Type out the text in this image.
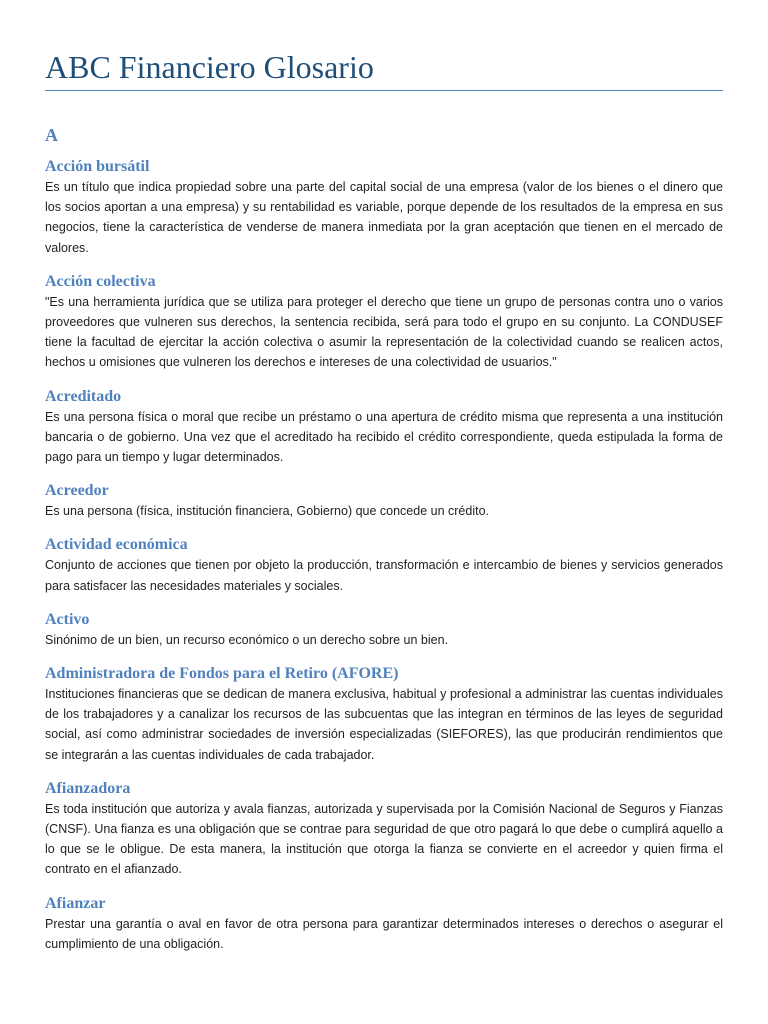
ABC Financiero Glosario
A
Acción bursátil

Es un título que indica propiedad sobre una parte del capital social de una empresa (valor de los bienes o el dinero que los socios aportan a una empresa) y su rentabilidad es variable, porque depende de los resultados de la empresa en sus negocios, tiene la característica de venderse de manera inmediata por la gran aceptación que tienen en el mercado de valores.

Acción colectiva

"Es una herramienta jurídica que se utiliza para proteger el derecho que tiene un grupo de personas contra uno o varios proveedores que vulneren sus derechos, la sentencia recibida, será para todo el grupo en su conjunto. La CONDUSEF tiene la facultad de ejercitar la acción colectiva o asumir la representación de la colectividad cuando se realicen actos, hechos u omisiones que vulneren los derechos e intereses de una colectividad de usuarios."

Acreditado

Es una persona física o moral que recibe un préstamo o una apertura de crédito misma que representa a una institución bancaria o de gobierno. Una vez que el acreditado ha recibido el crédito correspondiente, queda estipulada la forma de pago para un tiempo y lugar determinados.

Acreedor

Es una persona (física, institución financiera, Gobierno) que concede un crédito.

Actividad económica

Conjunto de acciones que tienen por objeto la producción, transformación e intercambio de bienes y servicios generados para satisfacer las necesidades materiales y sociales.

Activo

Sinónimo de un bien, un recurso económico o un derecho sobre un bien.

Administradora de Fondos para el Retiro (AFORE)

Instituciones financieras que se dedican de manera exclusiva, habitual y profesional a administrar las cuentas individuales de los trabajadores y a canalizar los recursos de las subcuentas que las integran en términos de las leyes de seguridad social, así como administrar sociedades de inversión especializadas (SIEFORES), las que producirán rendimientos que se integrarán a las cuentas individuales de cada trabajador.

Afianzadora

Es toda institución que autoriza y avala fianzas, autorizada y supervisada por la Comisión Nacional de Seguros y Fianzas (CNSF). Una fianza es una obligación que se contrae para seguridad de que otro pagará lo que debe o cumplirá aquello a lo que se le obligue. De esta manera, la institución que otorga la fianza se convierte en el acreedor y quien firma el contrato en el afianzado.

Afianzar

Prestar una garantía o aval en favor de otra persona para garantizar determinados intereses o derechos o asegurar el cumplimiento de una obligación.
